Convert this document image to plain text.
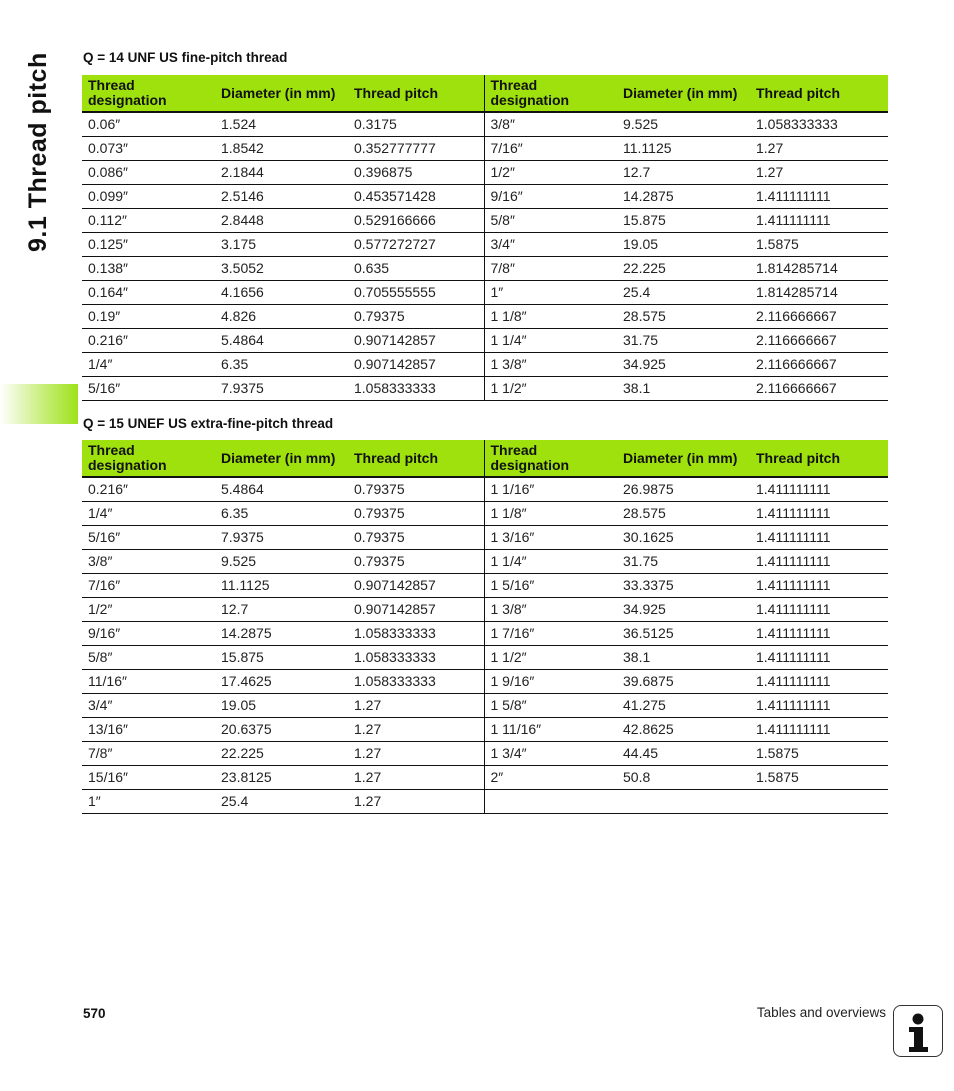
9.1 Thread pitch Q = 14 UNF US fine-pitch thread
Thread designation	Diameter (in mm)	Thread pitch	Thread designation	Diameter (in mm)	Thread pitch
0.06″	1.524	0.3175	3/8″	9.525	1.058333333
0.073″	1.8542	0.352777777	7/16″	11.1125	1.27
0.086″	2.1844	0.396875	1/2″	12.7	1.27
0.099″	2.5146	0.453571428	9/16″	14.2875	1.411111111
0.112″	2.8448	0.529166666	5/8″	15.875	1.411111111
0.125″	3.175	0.577272727	3/4″	19.05	1.5875
0.138″	3.5052	0.635	7/8″	22.225	1.814285714
0.164″	4.1656	0.705555555	1″	25.4	1.814285714
0.19″	4.826	0.79375	1 1/8″	28.575	2.116666667
0.216″	5.4864	0.907142857	1 1/4″	31.75	2.116666667
1/4″	6.35	0.907142857	1 3/8″	34.925	2.116666667
5/16″	7.9375	1.058333333	1 1/2″	38.1	2.116666667
Q = 15 UNEF US extra-fine-pitch thread
Thread designation	Diameter (in mm)	Thread pitch	Thread designation	Diameter (in mm)	Thread pitch
0.216″	5.4864	0.79375	1 1/16″	26.9875	1.411111111
1/4″	6.35	0.79375	1 1/8″	28.575	1.411111111
5/16″	7.9375	0.79375	1 3/16″	30.1625	1.411111111
3/8″	9.525	0.79375	1 1/4″	31.75	1.411111111
7/16″	11.1125	0.907142857	1 5/16″	33.3375	1.411111111
1/2″	12.7	0.907142857	1 3/8″	34.925	1.411111111
9/16″	14.2875	1.058333333	1 7/16″	36.5125	1.411111111
5/8″	15.875	1.058333333	1 1/2″	38.1	1.411111111
11/16″	17.4625	1.058333333	1 9/16″	39.6875	1.411111111
3/4″	19.05	1.27	1 5/8″	41.275	1.411111111
13/16″	20.6375	1.27	1 11/16″	42.8625	1.411111111
7/8″	22.225	1.27	1 3/4″	44.45	1.5875
15/16″	23.8125	1.27	2″	50.8	1.5875
1″	25.4	1.27			
570	Tables and overviews
